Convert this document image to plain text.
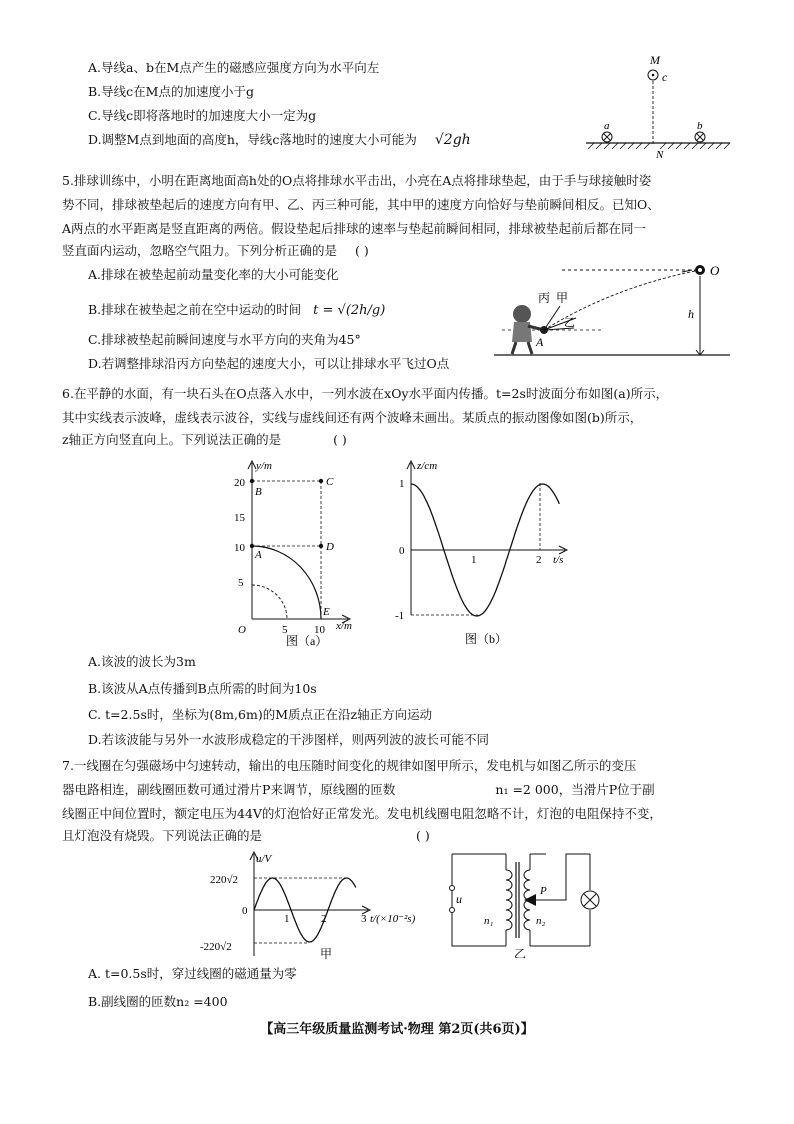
A.导线a、b在M点产生的磁感应强度方向为水平向左
B.导线c在M点的加速度小于g
C.导线c即将落地时的加速度大小一定为g
D.调整M点到地面的高度h，导线c落地时的速度大小可能为 √2gh
M
c
a	b
N
5.排球训练中，小明在距离地面高h处的O点将排球水平击出，小亮在A点将排球垫起，由于手与球接触时姿
势不同，排球被垫起后的速度方向有甲、乙、丙三种可能，其中甲的速度方向恰好与垫前瞬间相反。已知O、
A两点的水平距离是竖直距离的两倍。假设垫起后排球的速率与垫起前瞬间相同，排球被垫起前后都在同一
竖直面内运动，忽略空气阻力。下列分析正确的是 ( )
A.排球在被垫起前动量变化率的大小可能变化
B.排球在被垫起之前在空中运动的时间 t = √(2h/g)
C.排球被垫起前瞬间速度与水平方向的夹角为45°
D.若调整排球沿丙方向垫起的速度大小，可以让排球水平飞过O点
O
h
A
丙 甲
乙
6.在平静的水面，有一块石头在O点落入水中，一列水波在xOy水平面内传播。t=2s时波面分布如图(a)所示，
其中实线表示波峰，虚线表示波谷，实线与虚线间还有两个波峰未画出。某质点的振动图像如图(b)所示，
z轴正方向竖直向上。下列说法正确的是	( )
y/m
x/m
20
15
10
5
O	5 10
B
C
A
D
E
图（a）
z/cm
t/s
1
0
-1
1	2
图（b）
A.该波的波长为3m
B.该波从A点传播到B点所需的时间为10s
C. t=2.5s时，坐标为(8m,6m)的M质点正在沿z轴正方向运动
D.若该波能与另外一水波形成稳定的干涉图样，则两列波的波长可能不同
7.一线圈在匀强磁场中匀速转动，输出的电压随时间变化的规律如图甲所示，发电机与如图乙所示的变压
器电路相连，副线圈匝数可通过滑片P来调节，原线圈的匝数	n₁ =2 000，当滑片P位于副
线圈正中间位置时，额定电压为44V的灯泡恰好正常发光。发电机线圈电阻忽略不计，灯泡的电阻保持不变，
且灯泡没有烧毁。下列说法正确的是	( )
u/V
t/(×10⁻²s)
220√2
0
-220√2
1	2	3
甲
u
n₁
P
n₂
乙
A. t=0.5s时，穿过线圈的磁通量为零
B.副线圈的匝数n₂ =400
【高三年级质量监测考试·物理 第2页(共6页)】
